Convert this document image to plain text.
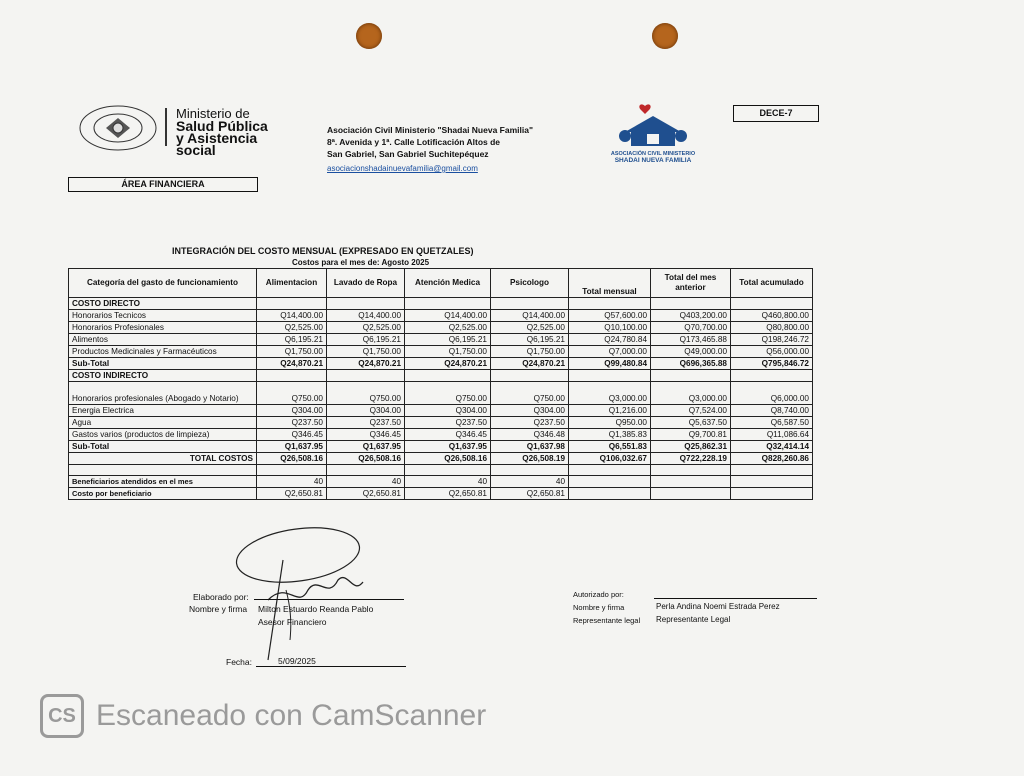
Ministerio de
Salud Pública
y Asistencia
social
Asociación Civil Ministerio "Shadai Nueva Familia"
8ª. Avenida y 1ª. Calle Lotificación Altos de
San Gabriel, San Gabriel Suchitepéquez
asociacionshadainuevafamilia@gmail.com
ASOCIACIÓN CIVIL MINISTERIO
SHADAI NUEVA FAMILIA
DECE-7
ÁREA FINANCIERA
INTEGRACIÓN DEL COSTO MENSUAL (EXPRESADO EN QUETZALES)
Costos para el mes de: Agosto 2025
Categoría del gasto de funcionamiento	Alimentacion	Lavado de Ropa	Atención Medica	Psicologo	Total mensual	Total del mes anterior	Total acumulado
COSTO DIRECTO							
Honorarios Tecnicos	Q14,400.00	Q14,400.00	Q14,400.00	Q14,400.00	Q57,600.00	Q403,200.00	Q460,800.00
Honorarios Profesionales	Q2,525.00	Q2,525.00	Q2,525.00	Q2,525.00	Q10,100.00	Q70,700.00	Q80,800.00
Alimentos	Q6,195.21	Q6,195.21	Q6,195.21	Q6,195.21	Q24,780.84	Q173,465.88	Q198,246.72
Productos Medicinales y Farmacéuticos	Q1,750.00	Q1,750.00	Q1,750.00	Q1,750.00	Q7,000.00	Q49,000.00	Q56,000.00
Sub-Total	Q24,870.21	Q24,870.21	Q24,870.21	Q24,870.21	Q99,480.84	Q696,365.88	Q795,846.72
COSTO INDIRECTO							
Honorarios profesionales (Abogado y Notario)	Q750.00	Q750.00	Q750.00	Q750.00	Q3,000.00	Q3,000.00	Q6,000.00
Energia Electrica	Q304.00	Q304.00	Q304.00	Q304.00	Q1,216.00	Q7,524.00	Q8,740.00
Agua	Q237.50	Q237.50	Q237.50	Q237.50	Q950.00	Q5,637.50	Q6,587.50
Gastos varios (productos de limpieza)	Q346.45	Q346.45	Q346.45	Q346.48	Q1,385.83	Q9,700.81	Q11,086.64
Sub-Total	Q1,637.95	Q1,637.95	Q1,637.95	Q1,637.98	Q6,551.83	Q25,862.31	Q32,414.14
TOTAL COSTOS	Q26,508.16	Q26,508.16	Q26,508.16	Q26,508.19	Q106,032.67	Q722,228.19	Q828,260.86

Beneficiarios atendidos en el mes	40	40	40	40			
Costo por beneficiario	Q2,650.81	Q2,650.81	Q2,650.81	Q2,650.81			
Elaborado por:
Nombre y firma Milton Estuardo Reanda Pablo
Asesor Financiero
Fecha:	5/09/2025
Autorizado por:
Nombre y firma	Perla Andina Noemi Estrada Perez
Representante legal Representante Legal
CS Escaneado con CamScanner
